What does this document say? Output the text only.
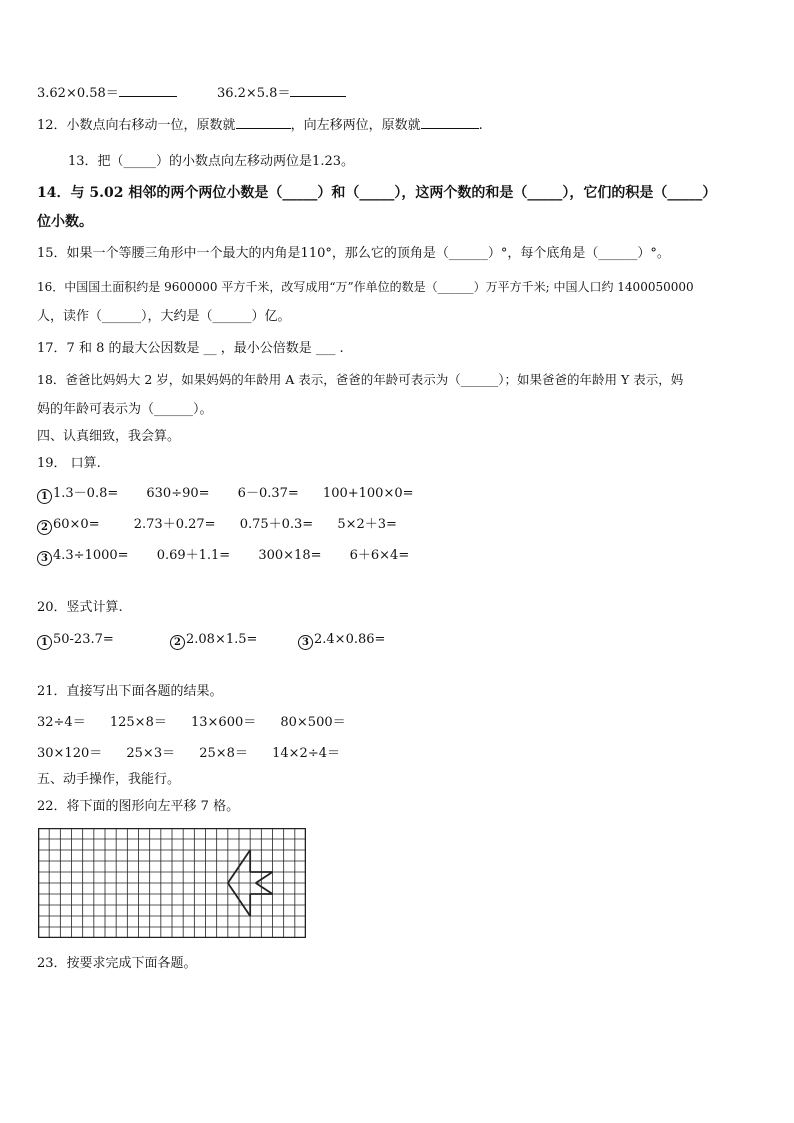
3.62×0.58＝	36.2×5.8＝
12．小数点向右移动一位，原数就	，向左移两位，原数就	.
13．把（_____）的小数点向左移动两位是1.23。
14．与 5.02 相邻的两个两位小数是（_____）和（_____），这两个数的和是（_____），它们的积是（_____）
位小数。
15．如果一个等腰三角形中一个最大的内角是110°，那么它的顶角是（______）°，每个底角是（______）°。
16．中国国土面积约是 9600000 平方千米，改写成用“万”作单位的数是（______）万平方千米; 中国人口约 1400050000
人，读作（______），大约是（______）亿。
17．7 和 8 的最大公因数是 __ ，最小公倍数是 ___ .
18．爸爸比妈妈大 2 岁，如果妈妈的年龄用 A 表示，爸爸的年龄可表示为（______）；如果爸爸的年龄用 Y 表示，妈
妈的年龄可表示为（______）。
四、认真细致，我会算。
19． 口算.
1 1.3－0.8= 630÷90= 6－0.37= 100+100×0=
2 60×0=	2.73＋0.27= 0.75＋0.3= 5×2＋3=
3 4.3÷1000= 0.69＋1.1= 300×18= 6＋6×4=
20．竖式计算.
1 50-23.7=	2 2.08×1.5=	3 2.4×0.86=
21．直接写出下面各题的结果。
32÷4＝ 125×8＝ 13×600＝ 80×500＝
30×120＝ 25×3＝ 25×8＝ 14×2÷4＝
五、动手操作，我能行。
22．将下面的图形向左平移 7 格。
23．按要求完成下面各题。
